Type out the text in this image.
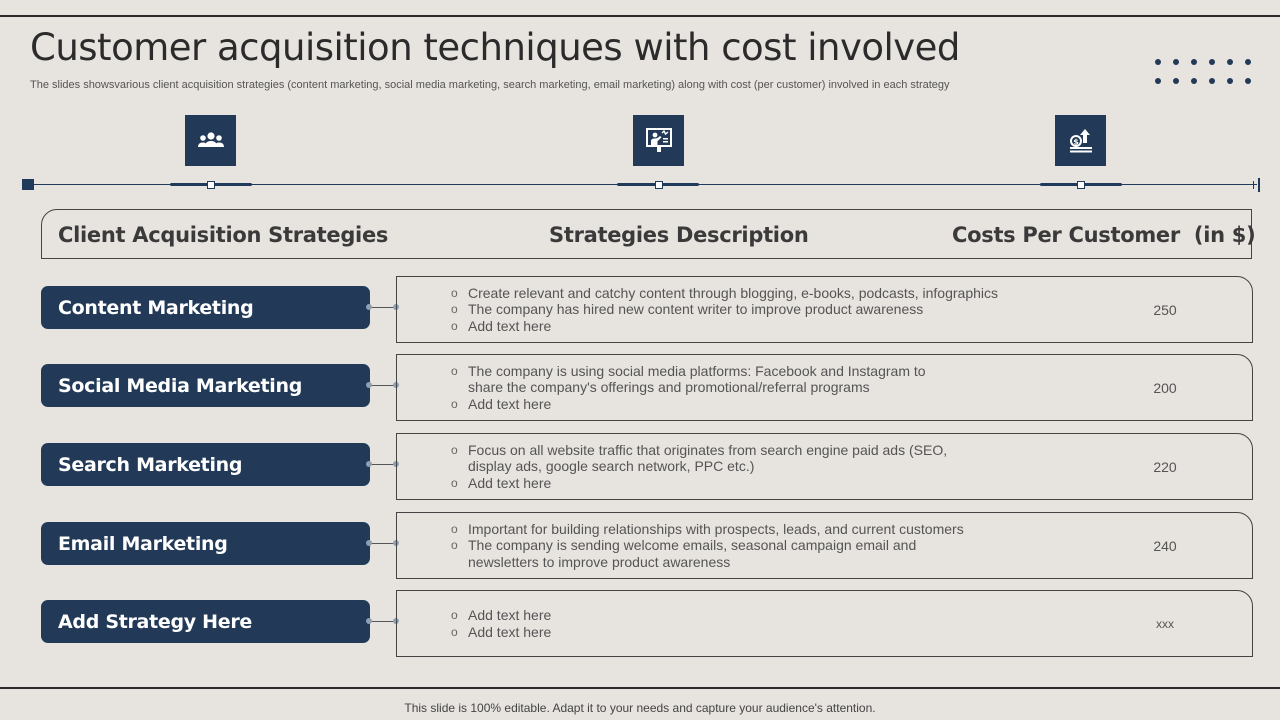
Customer acquisition techniques with cost involved
The slides showsvarious client acquisition strategies (content marketing, social media marketing, search marketing, email marketing) along with cost (per customer) involved in each strategy
$
Client Acquisition Strategies	Strategies Description	Costs Per Customer  (in $)
Content Marketing
o Create relevant and catchy content through blogging, e-books, podcasts, infographics
o The company has hired new content writer to improve product awareness
o Add text here
250
Social Media Marketing
o The company is using social media platforms: Facebook and Instagram to share the company's offerings and promotional/referral programs
o Add text here
200
Search Marketing
o Focus on all website traffic that originates from search engine paid ads (SEO, display ads, google search network, PPC etc.)
o Add text here
220
Email Marketing
o Important for building relationships with prospects, leads, and current customers
o The company is sending welcome emails, seasonal campaign email and newsletters to improve product awareness
240
Add Strategy Here
o	Add text here
o Add text here	xxx
This slide is 100% editable. Adapt it to your needs and capture your audience's attention.
